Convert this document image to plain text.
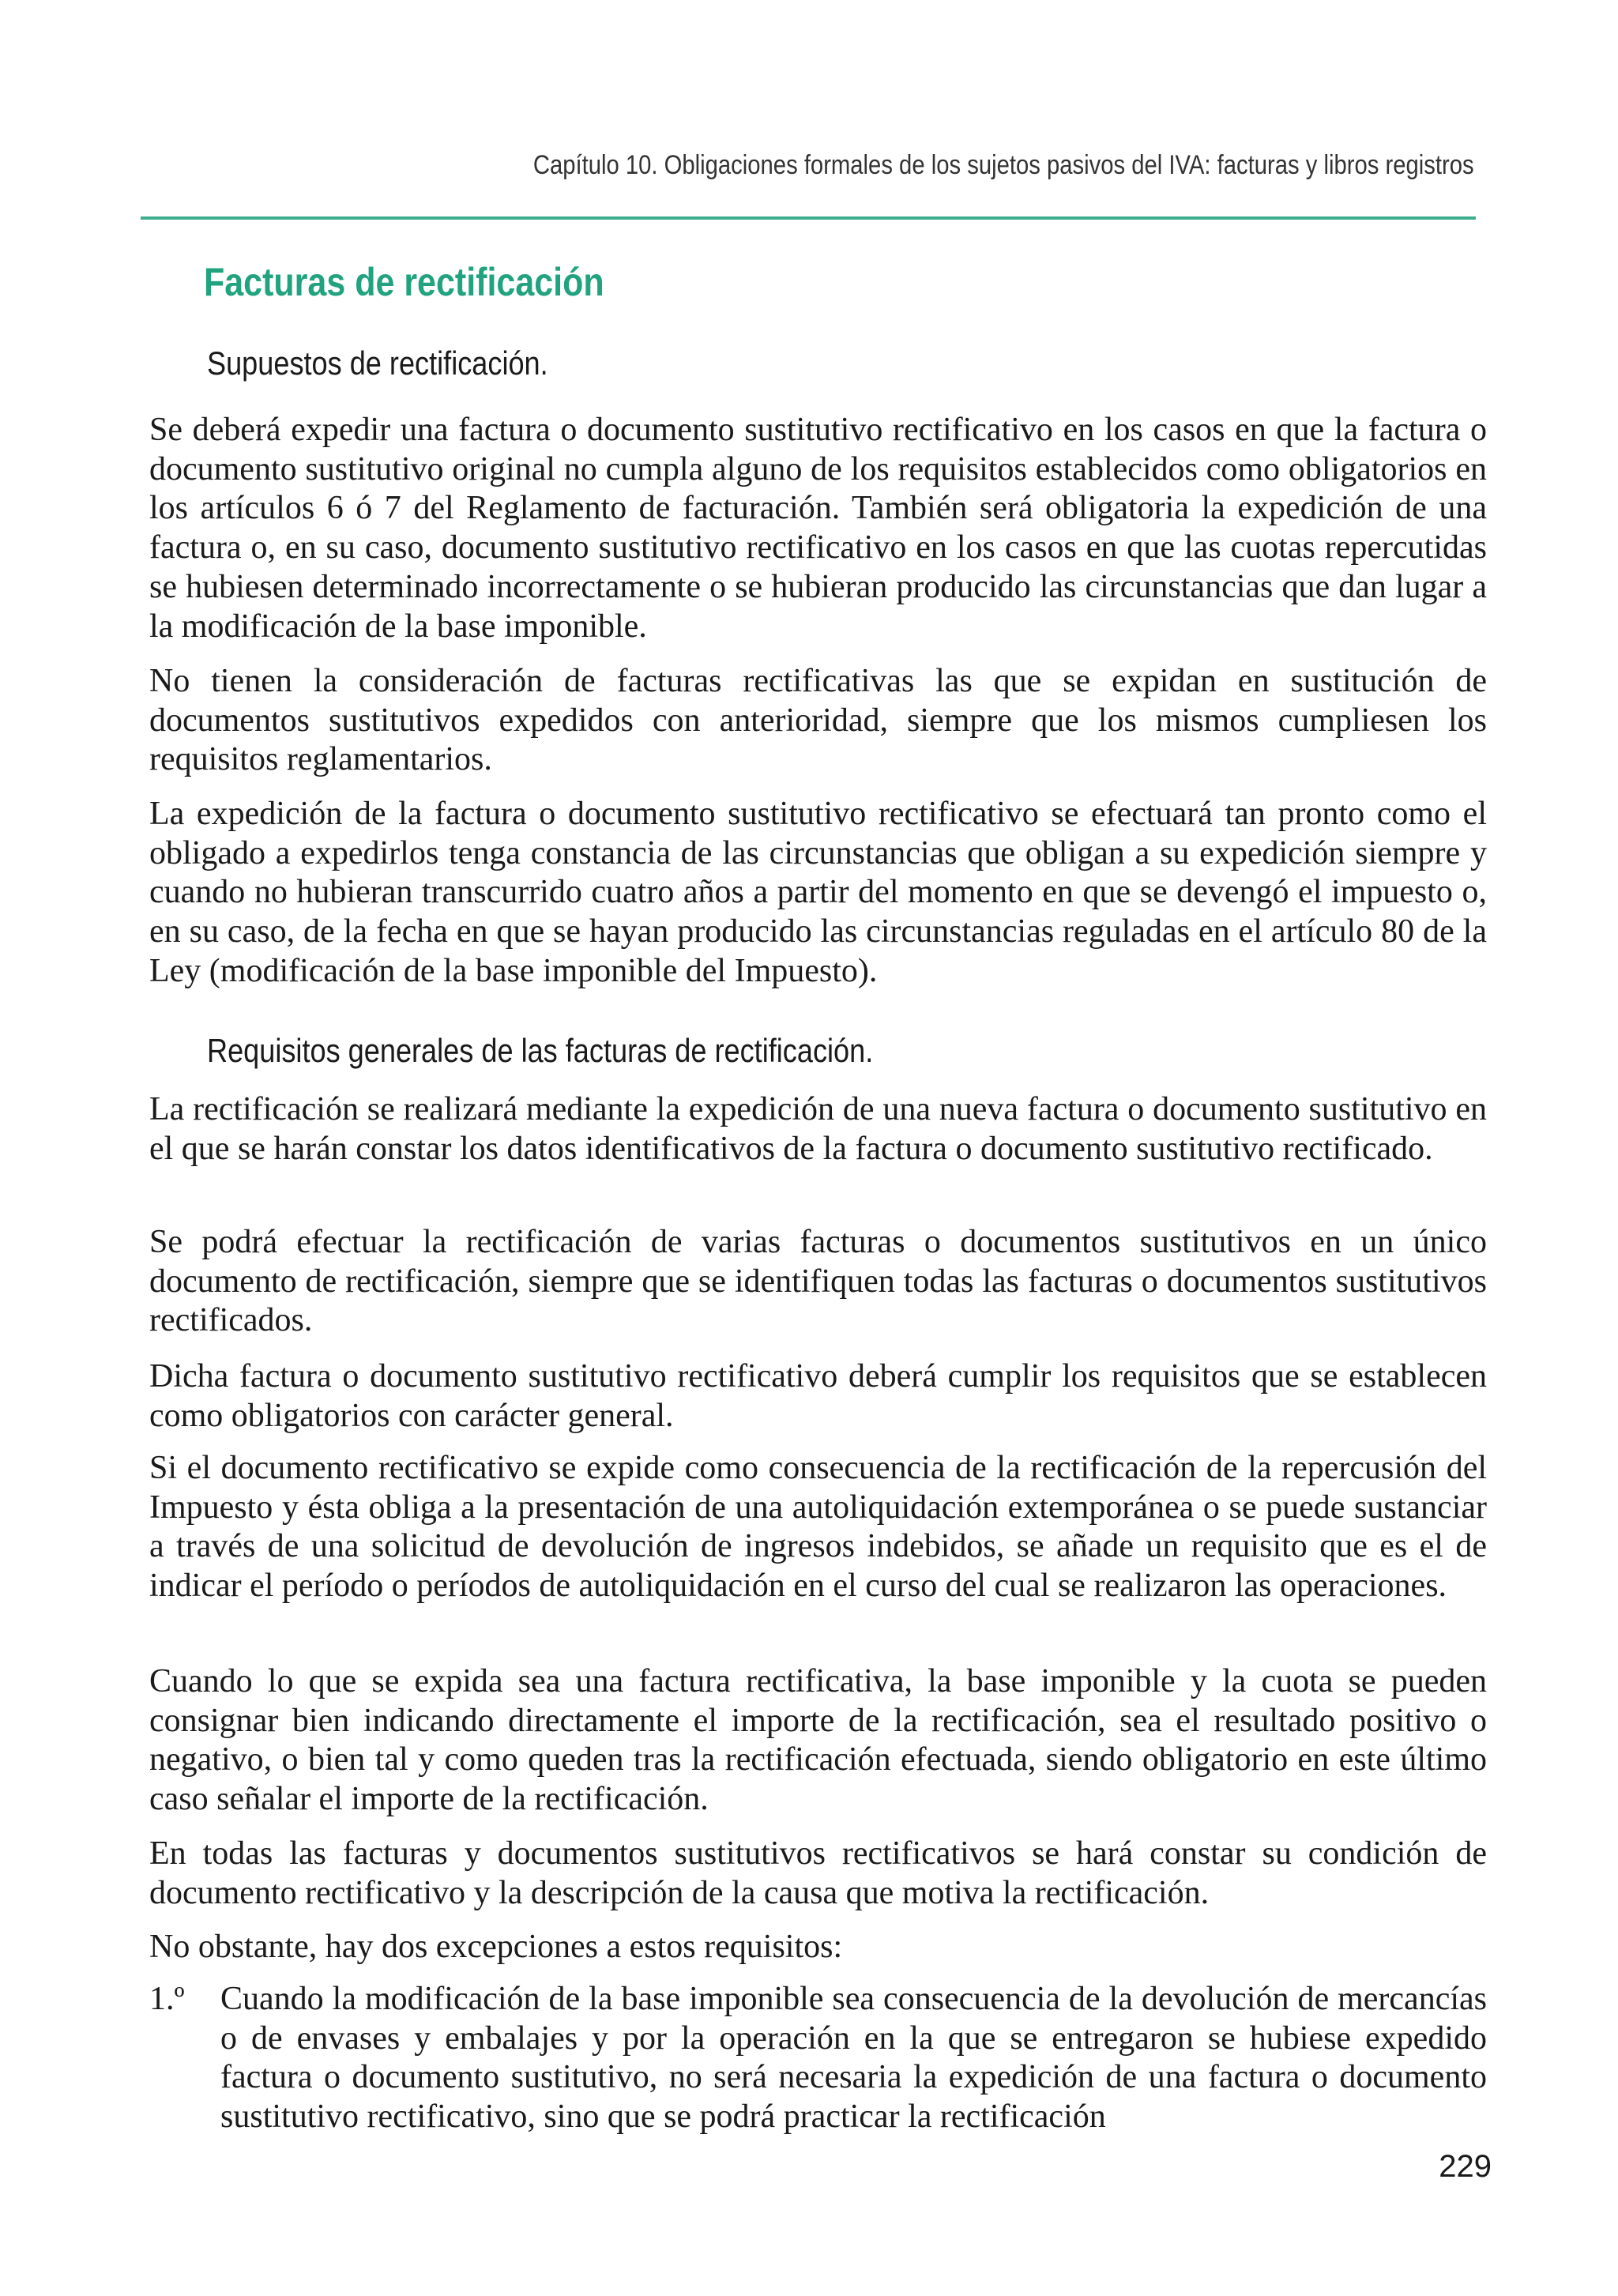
Capítulo 10. Obligaciones formales de los sujetos pasivos del IVA: facturas y libros registros
Facturas de rectificación
Supuestos de rectificación.
Se deberá expedir una factura o documento sustitutivo rectificativo en los casos en que la factura o documento sustitutivo original no cumpla alguno de los requisitos establecidos como obligatorios en los artículos 6 ó 7 del Reglamento de facturación. También será obligatoria la expedición de una factura o, en su caso, documento sustitutivo rectificativo en los casos en que las cuotas repercutidas se hubiesen determinado incorrectamente o se hubieran producido las circunstancias que dan lugar a la modificación de la base imponible.
No tienen la consideración de facturas rectificativas las que se expidan en sustitución de documentos sustitutivos expedidos con anterioridad, siempre que los mismos cumpliesen los requisitos reglamentarios.
La expedición de la factura o documento sustitutivo rectificativo se efectuará tan pronto como el obligado a expedirlos tenga constancia de las circunstancias que obligan a su expedición siempre y cuando no hubieran transcurrido cuatro años a partir del momento en que se devengó el impuesto o, en su caso, de la fecha en que se hayan producido las circunstancias reguladas en el artículo 80 de la Ley (modificación de la base imponible del Impuesto).
Requisitos generales de las facturas de rectificación.
La rectificación se realizará mediante la expedición de una nueva factura o documento sustitutivo en el que se harán constar los datos identificativos de la factura o documento sustitutivo rectificado.
Se podrá efectuar la rectificación de varias facturas o documentos sustitutivos en un único documento de rectificación, siempre que se identifiquen todas las facturas o documentos sustitutivos rectificados.
Dicha factura o documento sustitutivo rectificativo deberá cumplir los requisitos que se establecen como obligatorios con carácter general.
Si el documento rectificativo se expide como consecuencia de la rectificación de la repercusión del Impuesto y ésta obliga a la presentación de una autoliquidación extemporánea o se puede sustanciar a través de una solicitud de devolución de ingresos indebidos, se añade un requisito que es el de indicar el período o períodos de autoliquidación en el curso del cual se realizaron las operaciones.
Cuando lo que se expida sea una factura rectificativa, la base imponible y la cuota se pueden consignar bien indicando directamente el importe de la rectificación, sea el resultado positivo o negativo, o bien tal y como queden tras la rectificación efectuada, siendo obligatorio en este último caso señalar el importe de la rectificación.
En todas las facturas y documentos sustitutivos rectificativos se hará constar su condición de documento rectificativo y la descripción de la causa que motiva la rectificación.
No obstante, hay dos excepciones a estos requisitos:
1.º Cuando la modificación de la base imponible sea consecuencia de la devolución de mercancías o de envases y embalajes y por la operación en la que se entregaron se hubiese expedido factura o documento sustitutivo, no será necesaria la expedición de una factura o documento sustitutivo rectificativo, sino que se podrá practicar la rectificación
229
